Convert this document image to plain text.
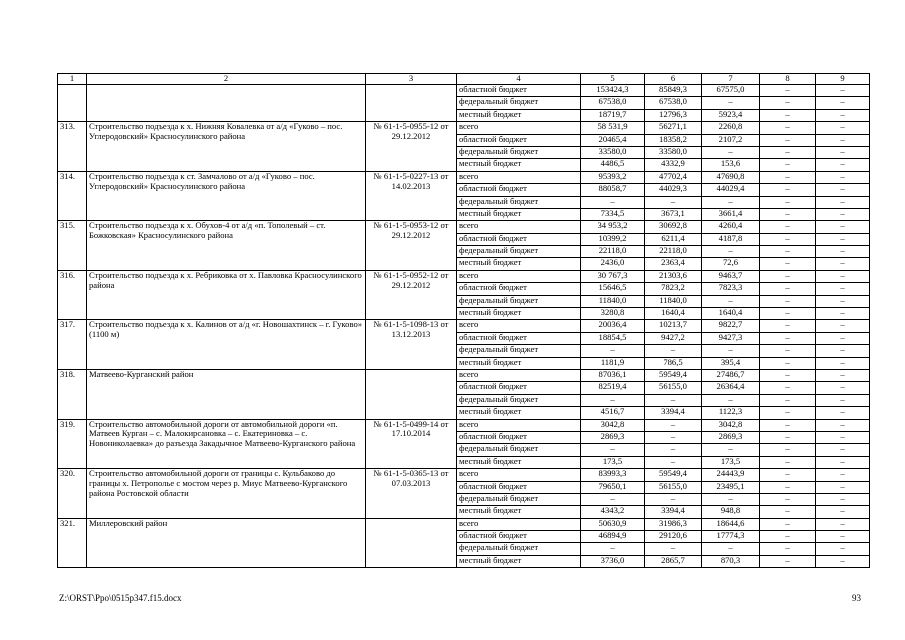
1	2	3	4	5	6	7	8	9
			областной бюджет	153424,3	85849,3	67575,0	–	–
			федеральный бюджет	67538,0	67538,0	–	–	–
			местный бюджет	18719,7	12796,3	5923,4	–	–
313.	Строительство подъезда к х. Нижняя Ковалевка от а/д «Гуково – пос. Углеродовский» Красносулинского района	№ 61-1-5-0955-12 от 29.12.2012	всего	58 531,9	56271,1	2260,8	–	–
			областной бюджет	20465,4	18358,2	2107,2	–	–
			федеральный бюджет	33580,0	33580,0	–	–	–
			местный бюджет	4486,5	4332,9	153,6	–	–
314.	Строительство подъезда к ст. Замчалово от а/д «Гуково – пос. Углеродовский» Красносулинского района	№ 61-1-5-0227-13 от 14.02.2013	всего	95393,2	47702,4	47690,8	–	–
			областной бюджет	88058,7	44029,3	44029,4	–	–
			федеральный бюджет	–	–	–	–	–
			местный бюджет	7334,5	3673,1	3661,4	–	–
315.	Строительство подъезда к х. Обухов-4 от а/д «п. Тополевый – ст. Божковская» Красносулинского района	№ 61-1-5-0953-12 от 29.12.2012	всего	34 953,2	30692,8	4260,4	–	–
			областной бюджет	10399,2	6211,4	4187,8	–	–
			федеральный бюджет	22118,0	22118,0	–	–	–
			местный бюджет	2436,0	2363,4	72,6	–	–
316.	Строительство подъезда к х. Ребриковка от х. Павловка Красносулинского района	№ 61-1-5-0952-12 от 29.12.2012	всего	30 767,3	21303,6	9463,7	–	–
			областной бюджет	15646,5	7823,2	7823,3	–	–
			федеральный бюджет	11840,0	11840,0	–	–	–
			местный бюджет	3280,8	1640,4	1640,4	–	–
317.	Строительство подъезда к х. Калинов от а/д «г. Новошахтинск – г. Гуково» (1100 м)	№ 61-1-5-1098-13 от 13.12.2013	всего	20036,4	10213,7	9822,7	–	–
			областной бюджет	18854,5	9427,2	9427,3	–	–
			федеральный бюджет	–	–	–	–	–
			местный бюджет	1181,9	786,5	395,4	–	–
318.	Матвеево-Курганский район		всего	87036,1	59549,4	27486,7	–	–
			областной бюджет	82519,4	56155,0	26364,4	–	–
			федеральный бюджет	–	–	–	–	–
			местный бюджет	4516,7	3394,4	1122,3	–	–
319.	Строительство автомобильной дороги от автомобильной дороги «п. Матвеев Курган – с. Малокирсановка – с. Екатериновка – с. Новониколаевка» до разъезда Закадычное Матвеево-Курганского района	№ 61-1-5-0499-14 от 17.10.2014	всего	3042,8	–	3042,8	–	–
			областной бюджет	2869,3	–	2869,3	–	–
			федеральный бюджет	–	–	–	–	–
			местный бюджет	173,5	–	173,5	–	–
320.	Строительство автомобильной дороги от границы с. Кульбаково до границы х. Петрополье с мостом через р. Миус Матвеево-Курганского района Ростовской области	№ 61-1-5-0365-13 от 07.03.2013	всего	83993,3	59549,4	24443,9	–	–
			областной бюджет	79650,1	56155,0	23495,1	–	–
			федеральный бюджет	–	–	–	–	–
			местный бюджет	4343,2	3394,4	948,8	–	–
321.	Миллеровский район		всего	50630,9	31986,3	18644,6	–	–
			областной бюджет	46894,9	29120,6	17774,3	–	–
			федеральный бюджет	–	–	–	–	–
			местный бюджет	3736,0	2865,7	870,3	–	–
Z:\ORST\Ppo\0515p347.f15.docx	93
